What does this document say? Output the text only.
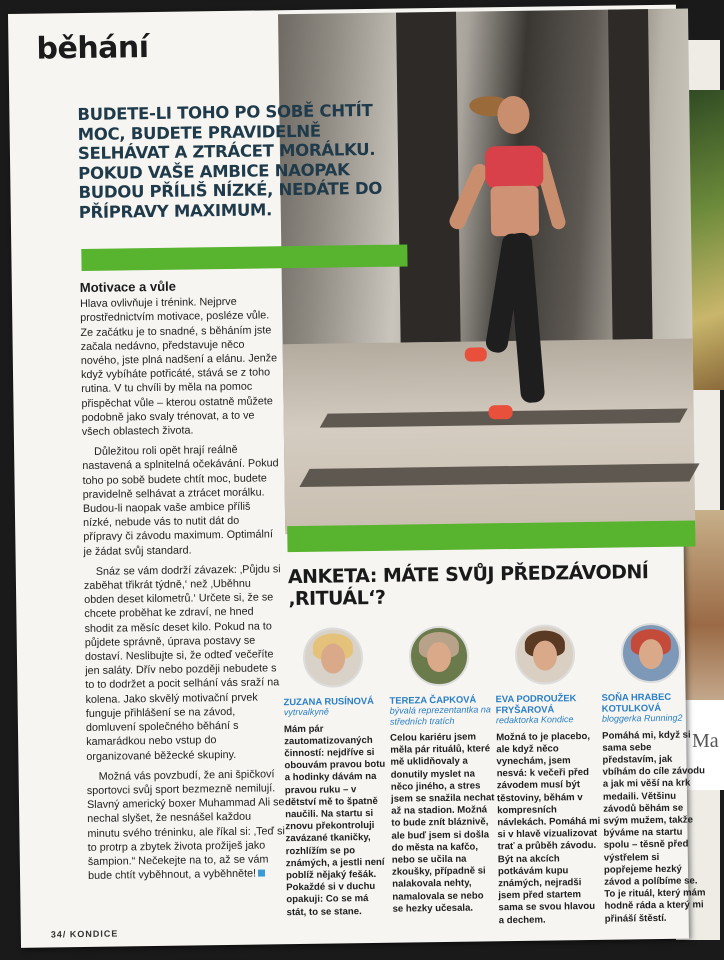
Ma
běhání
BUDETE-LI TOHO PO SOBĚ CHTÍT MOC, BUDETE PRAVIDELNĚ SELHÁVAT A ZTRÁCET MORÁLKU. POKUD VAŠE AMBICE NAOPAK BUDOU PŘÍLIŠ NÍZKÉ, NEDÁTE DO PŘÍPRAVY MAXIMUM.
Motivace a vůle

Hlava ovlivňuje i trénink. Nejprve prostřednictvím motivace, posléze vůle. Ze začátku je to snadné, s běháním jste začala nedávno, představuje něco nového, jste plná nadšení a elánu. Jenže když vybíháte potřicáté, stává se z toho rutina. V tu chvíli by měla na pomoc přispěchat vůle – kterou ostatně můžete podobně jako svaly trénovat, a to ve všech oblastech života.

Důležitou roli opět hrají reálně nastavená a splnitelná očekávání. Pokud toho po sobě budete chtít moc, budete pravidelně selhávat a ztrácet morálku. Budou-li naopak vaše ambice příliš nízké, nebude vás to nutit dát do přípravy či závodu maximum. Optimální je žádat svůj standard.

Snáz se vám dodrží závazek: ‚Půjdu si zaběhat třikrát týdně,‘ než ‚Uběhnu obden deset kilometrů.‘ Určete si, že se chcete proběhat ke zdraví, ne hned shodit za měsíc deset kilo. Pokud na to půjdete správně, úprava postavy se dostaví. Neslibujte si, že odteď večeříte jen saláty. Dřív nebo později nebudete s to to dodržet a pocit selhání vás sraží na kolena. Jako skvělý motivační prvek funguje přihlášení se na závod, domluvení společného běhání s kamarádkou nebo vstup do organizované běžecké skupiny.

Možná vás povzbudí, že ani špičkoví sportovci svůj sport bezmezně nemilují. Slavný americký boxer Muhammad Ali se nechal slyšet, že nesnášel každou minutu svého tréninku, ale říkal si: ‚Teď si to protrp a zbytek života prožiješ jako šampion.“ Nečekejte na to, až se vám bude chtít vyběhnout, a vyběhněte!

ANKETA: MÁTE SVŮJ PŘEDZÁVODNÍ ‚RITUÁL‘?
ZUZANA RUSÍNOVÁ
vytrvalkyně
Mám pár zautomatizovaných činností: nejdříve si obouvám pravou botu a hodinky dávám na pravou ruku – v dětství mě to špatně naučili. Na startu si znovu překontroluji zavázané tkaničky, rozhlížím se po známých, a jestli není poblíž nějaký fešák. Pokaždé si v duchu opakuji: Co se má stát, to se stane.
TEREZA ČAPKOVÁ
bývalá reprezentantka na středních tratích
Celou kariéru jsem měla pár rituálů, které mě uklidňovaly a donutily myslet na něco jiného, a stres jsem se snažila nechat až na stadion. Možná to bude znít bláznivě, ale buď jsem si došla do města na kafčo, nebo se učila na zkoušky, případně si nalakovala nehty, namalovala se nebo se hezky učesala.
EVA PODROUŽEK FRYŠAROVÁ
redaktorka Kondice
Možná to je placebo, ale když něco vynechám, jsem nesvá: k večeři před závodem musí být těstoviny, běhám v kompresních návlekách. Pomáhá mi si v hlavě vizualizovat trať a průběh závodu. Být na akcích potkávám kupu známých, nejradši jsem před startem sama se svou hlavou a dechem.
SOŇA HRABEC KOTULKOVÁ
bloggerka Running2
Pomáhá mi, když si sama sebe představím, jak vbíhám do cíle závodu a jak mi věší na krk medaili. Většinu závodů běhám se svým mužem, takže býváme na startu spolu – těsně před výstřelem si popřejeme hezký závod a políbíme se. To je rituál, který mám hodně ráda a který mi přináší štěstí.
34/ KONDICE
